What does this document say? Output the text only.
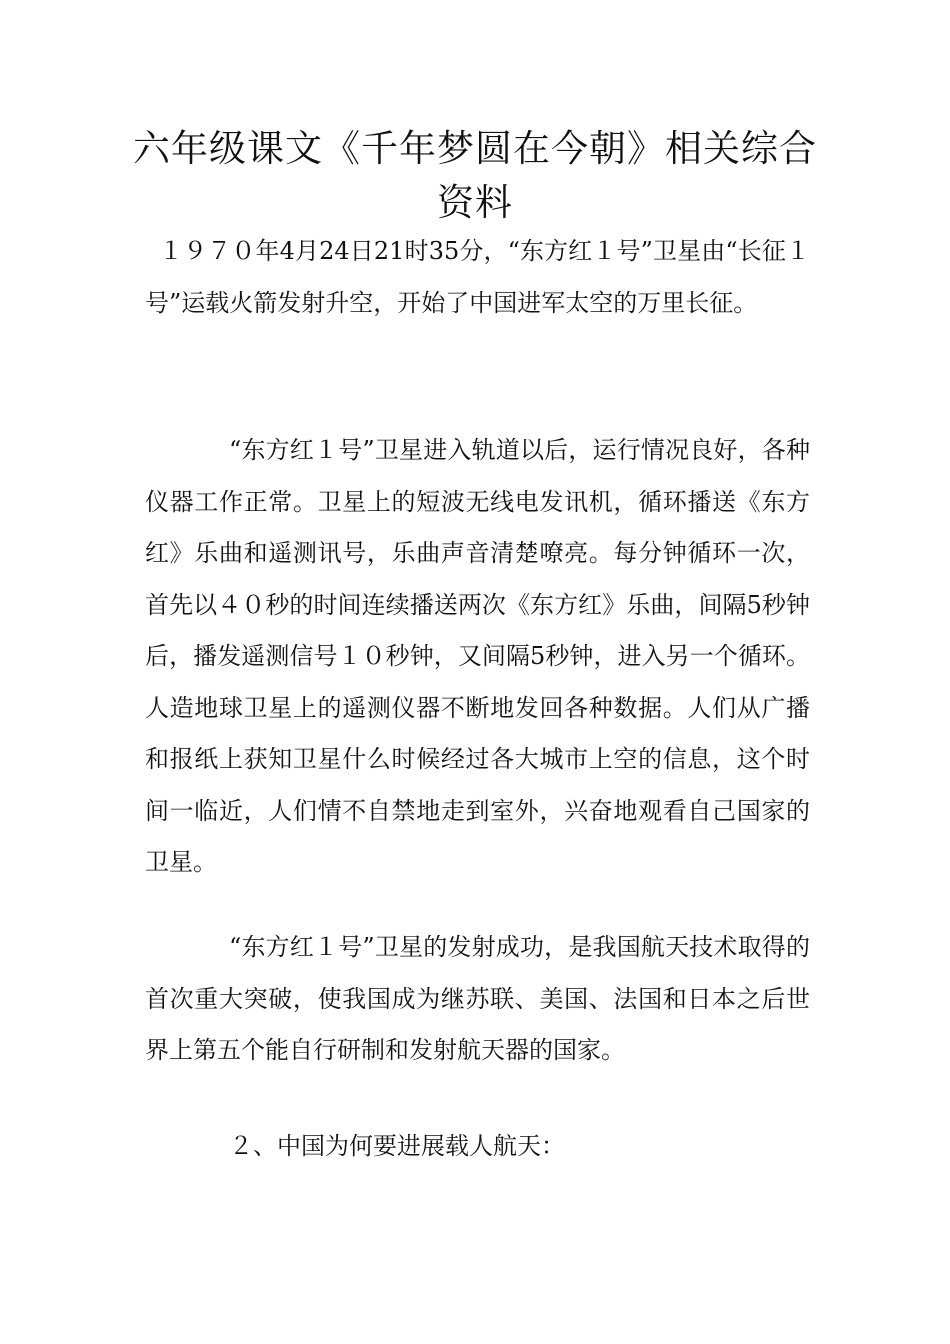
六年级课文《千年梦圆在今朝》相关综合资料

１９７０年4月24日21时35分，“东方红１号”卫星由“长征１号”运载火箭发射升空，开始了中国进军太空的万里长征。

“东方红１号”卫星进入轨道以后，运行情况良好，各种仪器工作正常。卫星上的短波无线电发讯机，循环播送《东方红》乐曲和遥测讯号，乐曲声音清楚嘹亮。每分钟循环一次，首先以４０秒的时间连续播送两次《东方红》乐曲，间隔5秒钟后，播发遥测信号１０秒钟，又间隔5秒钟，进入另一个循环。人造地球卫星上的遥测仪器不断地发回各种数据。人们从广播和报纸上获知卫星什么时候经过各大城市上空的信息，这个时间一临近，人们情不自禁地走到室外，兴奋地观看自己国家的卫星。

“东方红１号”卫星的发射成功，是我国航天技术取得的首次重大突破，使我国成为继苏联、美国、法国和日本之后世界上第五个能自行研制和发射航天器的国家。

２、中国为何要进展载人航天：
